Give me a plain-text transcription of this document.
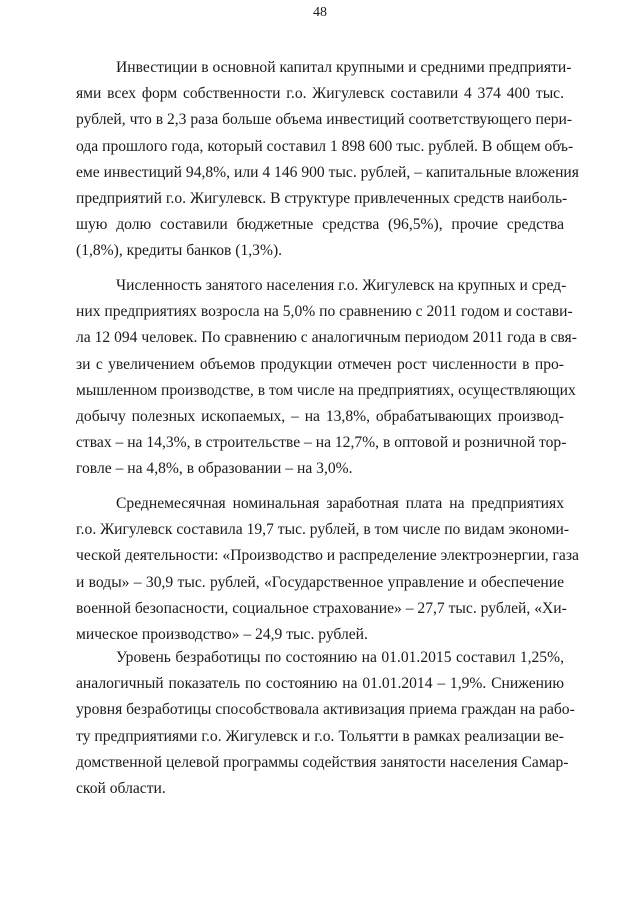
48
Инвестиции в основной капитал крупными и средними предприяти-
ями всех форм собственности г.о. Жигулевск составили 4 374 400 тыс.
рублей, что в 2,3 раза больше объема инвестиций соответствующего пери-
ода прошлого года, который составил 1 898 600 тыс. рублей. В общем объ-
еме инвестиций 94,8%, или 4 146 900 тыс. рублей, – капитальные вложения
предприятий г.о. Жигулевск. В структуре привлеченных средств наиболь-
шую долю составили бюджетные средства (96,5%), прочие средства
(1,8%), кредиты банков (1,3%).
Численность занятого населения г.о. Жигулевск на крупных и сред-
них предприятиях возросла на 5,0% по сравнению с 2011 годом и состави-
ла 12 094 человек. По сравнению с аналогичным периодом 2011 года в свя-
зи с увеличением объемов продукции отмечен рост численности в про-
мышленном производстве, в том числе на предприятиях, осуществляющих
добычу полезных ископаемых, – на 13,8%, обрабатывающих производ-
ствах – на 14,3%, в строительстве – на 12,7%, в оптовой и розничной тор-
говле – на 4,8%, в образовании – на 3,0%.
Среднемесячная номинальная заработная плата на предприятиях
г.о. Жигулевск составила 19,7 тыс. рублей, в том числе по видам экономи-
ческой деятельности: «Производство и распределение электроэнергии, газа
и воды» – 30,9 тыс. рублей, «Государственное управление и обеспечение
военной безопасности, социальное страхование» – 27,7 тыс. рублей, «Хи-
мическое производство» – 24,9 тыс. рублей.
Уровень безработицы по состоянию на 01.01.2015 составил 1,25%,
аналогичный показатель по состоянию на 01.01.2014 – 1,9%. Снижению
уровня безработицы способствовала активизация приема граждан на рабо-
ту предприятиями г.о. Жигулевск и г.о. Тольятти в рамках реализации ве-
домственной целевой программы содействия занятости населения Самар-
ской области.
